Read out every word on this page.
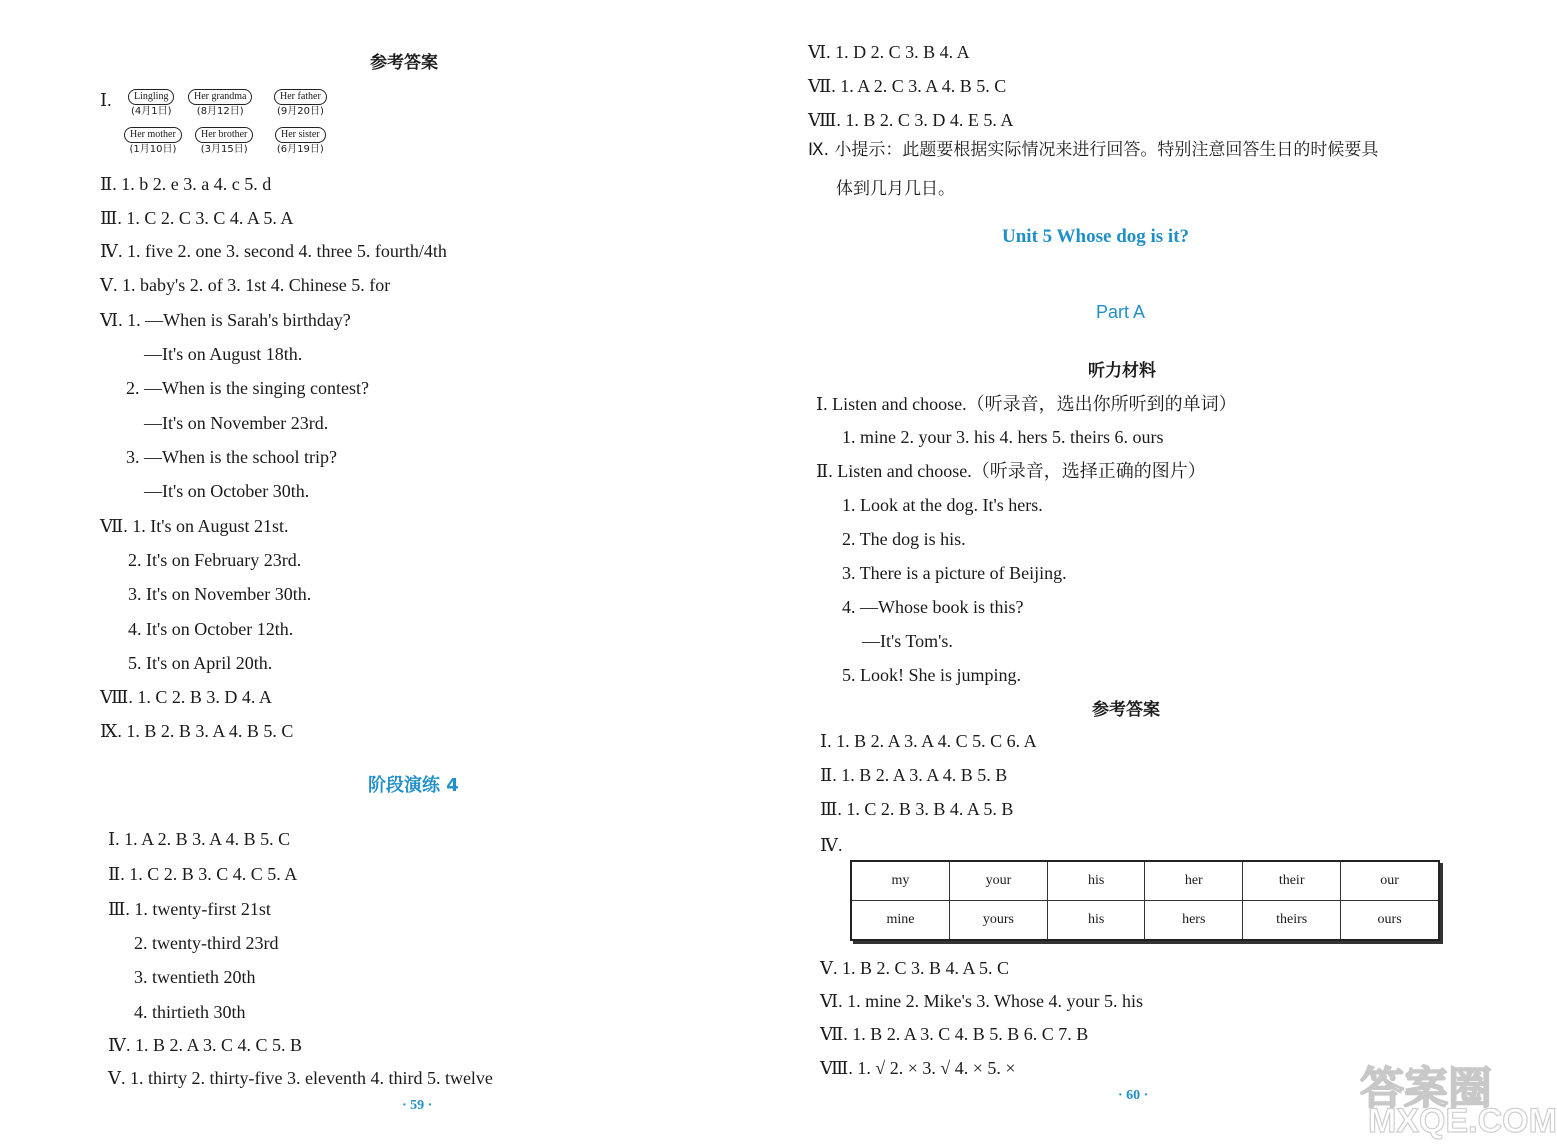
参考答案
Ⅰ.	Lingling
(4月1日)
Her grandma
(8月12日)
Her father
(9月20日)
Her mother
(1月10日)
Her brother
(3月15日)
Her sister
(6月19日)
Ⅱ. 1. b 2. e 3. a 4. c 5. d
Ⅲ. 1. C 2. C 3. C 4. A 5. A
Ⅳ. 1. five 2. one 3. second 4. three 5. fourth/4th
Ⅴ. 1. baby's 2. of 3. 1st 4. Chinese 5. for
Ⅵ. 1. —When is Sarah's birthday?
—It's on August 18th.
2. —When is the singing contest?
—It's on November 23rd.
3. —When is the school trip?
—It's on October 30th.
Ⅶ. 1. It's on August 21st.
2. It's on February 23rd.
3. It's on November 30th.
4. It's on October 12th.
5. It's on April 20th.
Ⅷ. 1. C 2. B 3. D 4. A
Ⅸ. 1. B 2. B 3. A 4. B 5. C
阶段演练 4
Ⅰ. 1. A 2. B 3. A 4. B 5. C
Ⅱ. 1. C 2. B 3. C 4. C 5. A
Ⅲ. 1. twenty-first 21st
2. twenty-third 23rd
3. twentieth 20th
4. thirtieth 30th
Ⅳ. 1. B 2. A 3. C 4. C 5. B
Ⅴ. 1. thirty 2. thirty-five 3. eleventh 4. third 5. twelve
· 59 ·
Ⅵ. 1. D 2. C 3. B 4. A
Ⅶ. 1. A 2. C 3. A 4. B 5. C
Ⅷ. 1. B 2. C 3. D 4. E 5. A
Ⅸ. 小提示：此题要根据实际情况来进行回答。特别注意回答生日的时候要具
体到几月几日。
Unit 5 Whose dog is it?
Part A
听力材料
Ⅰ. Listen and choose.（听录音，选出你所听到的单词）
1. mine 2. your 3. his 4. hers 5. theirs 6. ours
Ⅱ. Listen and choose.（听录音，选择正确的图片）
1. Look at the dog. It's hers.
2. The dog is his.
3. There is a picture of Beijing.
4. —Whose book is this?
—It's Tom's.
5. Look! She is jumping.
参考答案
Ⅰ. 1. B 2. A 3. A 4. C 5. C 6. A
Ⅱ. 1. B 2. A 3. A 4. B 5. B
Ⅲ. 1. C 2. B 3. B 4. A 5. B
Ⅳ.
my	your	his	her	their	our
mine	yours	his	hers	theirs	ours
Ⅴ. 1. B 2. C 3. B 4. A 5. C
Ⅵ. 1. mine 2. Mike's 3. Whose 4. your 5. his
Ⅶ. 1. B 2. A 3. C 4. B 5. B 6. C 7. B
Ⅷ. 1. √ 2. × 3. √ 4. × 5. ×
· 60 ·	答案圈
MXQE.COM
